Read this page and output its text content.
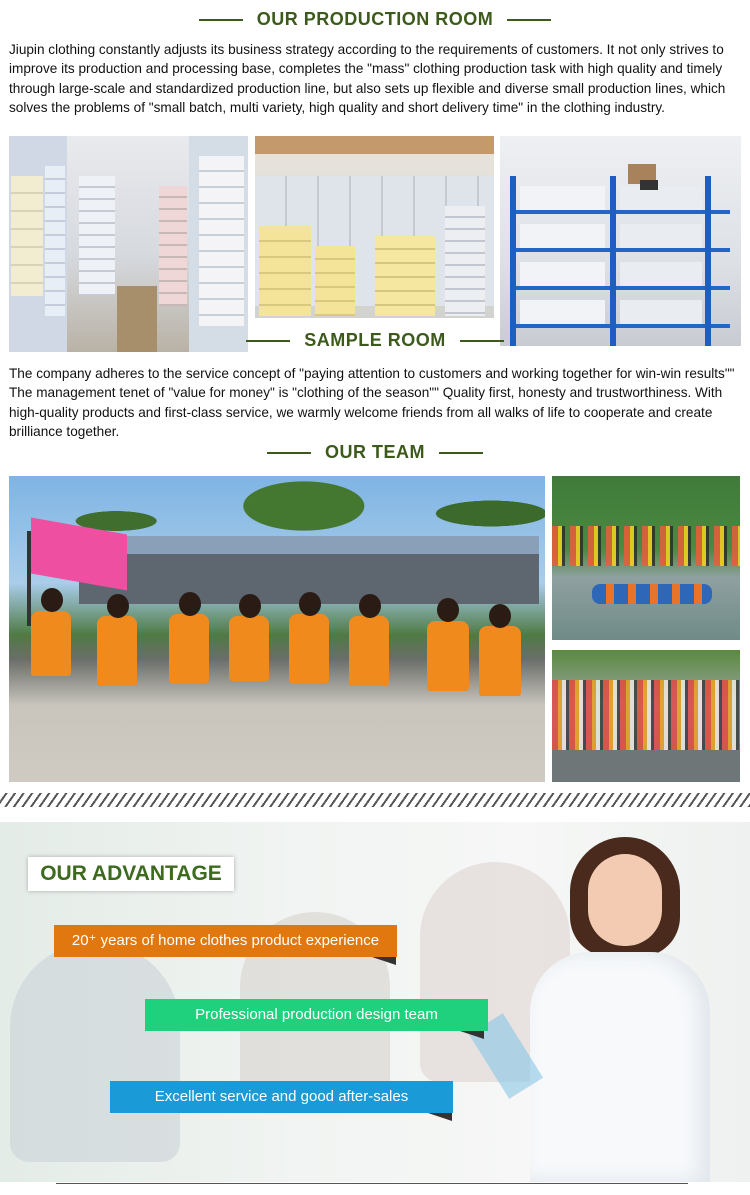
OUR PRODUCTION ROOM
Jiupin clothing constantly adjusts its business strategy according to the requirements of customers. It not only strives to improve its production and processing base, completes the "mass" clothing production task with high quality and timely through large-scale and standardized production line, but also sets up flexible and diverse small production lines, which solves the problems of "small batch, multi variety, high quality and short delivery time" in the clothing industry.
SAMPLE ROOM
The company adheres to the service concept of "paying attention to customers and working together for win-win results"" The management tenet of "value for money" is "clothing of the season"" Quality first, honesty and trustworthiness. With high-quality products and first-class service, we warmly welcome friends from all walks of life to cooperate and create brilliance together.
OUR TEAM
OUR ADVANTAGE
20⁺ years of home clothes product experience
Professional production design team
Excellent service and good after-sales
